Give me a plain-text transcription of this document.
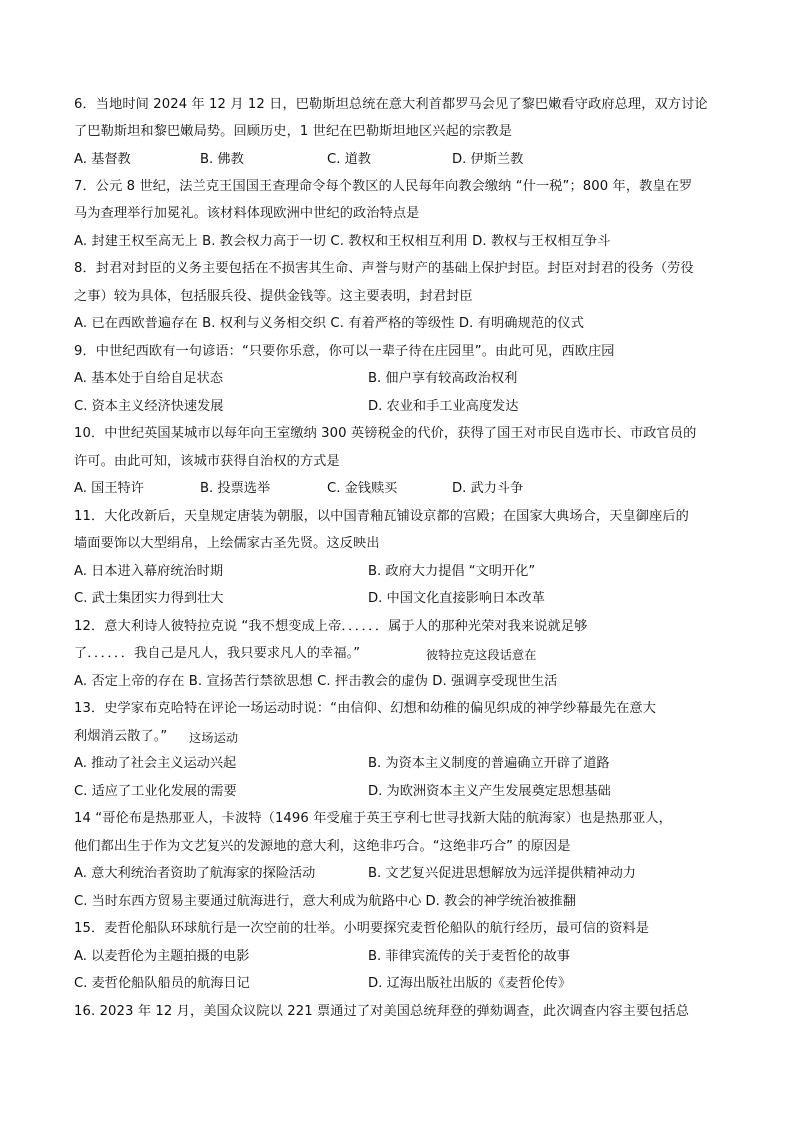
6．当地时间 2024 年 12 月 12 日，巴勒斯坦总统在意大利首都罗马会见了黎巴嫩看守政府总理，双方讨论
了巴勒斯坦和黎巴嫩局势。回顾历史，1 世纪在巴勒斯坦地区兴起的宗教是
A. 基督教	B. 佛教	C. 道教	D. 伊斯兰教
7．公元 8 世纪，法兰克王国国王查理命令每个教区的人民每年向教会缴纳 “什一税”；800 年，教皇在罗
马为查理举行加冕礼。该材料体现欧洲中世纪的政治特点是
A. 封建王权至高无上 B. 教会权力高于一切 C. 教权和王权相互利用 D. 教权与王权相互争斗
8．封君对封臣的义务主要包括在不损害其生命、声誉与财产的基础上保护封臣。封臣对封君的役务（劳役
之事）较为具体，包括服兵役、提供金钱等。这主要表明，封君封臣
A. 已在西欧普遍存在 B. 权利与义务相交织 C. 有着严格的等级性 D. 有明确规范的仪式
9．中世纪西欧有一句谚语：“只要你乐意，你可以一辈子待在庄园里”。由此可见，西欧庄园
A. 基本处于自给自足状态	B. 佃户享有较高政治权利
C. 资本主义经济快速发展	D. 农业和手工业高度发达
10．中世纪英国某城市以每年向王室缴纳 300 英镑税金的代价，获得了国王对市民自选市长、市政官员的
许可。由此可知，该城市获得自治权的方式是
A. 国王特许	B. 投票选举	C. 金钱赎买	D. 武力斗争
11．大化改新后，天皇规定唐装为朝服，以中国青釉瓦铺设京都的宫殿；在国家大典场合，天皇御座后的
墙面要饰以大型绢帛，上绘儒家古圣先贤。这反映出
A. 日本进入幕府统治时期	B. 政府大力提倡 “文明开化”
C. 武士集团实力得到壮大	D. 中国文化直接影响日本改革
12．意大利诗人彼特拉克说 “我不想变成上帝．．．．．．属于人的那种光荣对我来说就足够
了．．．．．．我自己是凡人，我只要求凡人的幸福。”	彼特拉克这段话意在
A. 否定上帝的存在 B. 宣扬苦行禁欲思想 C. 抨击教会的虚伪 D. 强调享受现世生活
13．史学家布克哈特在评论一场运动时说：“由信仰、幻想和幼稚的偏见织成的神学纱幕最先在意大
利烟消云散了。” 这场运动
A. 推动了社会主义运动兴起	B. 为资本主义制度的普遍确立开辟了道路
C. 适应了工业化发展的需要	D. 为欧洲资本主义产生发展奠定思想基础
14 “哥伦布是热那亚人，卡波特（1496 年受雇于英王亨利七世寻找新大陆的航海家）也是热那亚人，
他们都出生于作为文艺复兴的发源地的意大利，这绝非巧合。“这绝非巧合” 的原因是
A. 意大利统治者资助了航海家的探险活动	B. 文艺复兴促进思想解放为远洋提供精神动力
C. 当时东西方贸易主要通过航海进行，意大利成为航路中心 D. 教会的神学统治被推翻
15．麦哲伦船队环球航行是一次空前的壮举。小明要探究麦哲伦船队的航行经历，最可信的资料是
A. 以麦哲伦为主题拍摄的电影	B. 菲律宾流传的关于麦哲伦的故事
C. 麦哲伦船队船员的航海日记	D. 辽海出版社出版的《麦哲伦传》
16. 2023 年 12 月，美国众议院以 221 票通过了对美国总统拜登的弹劾调查，此次调查内容主要包括总
